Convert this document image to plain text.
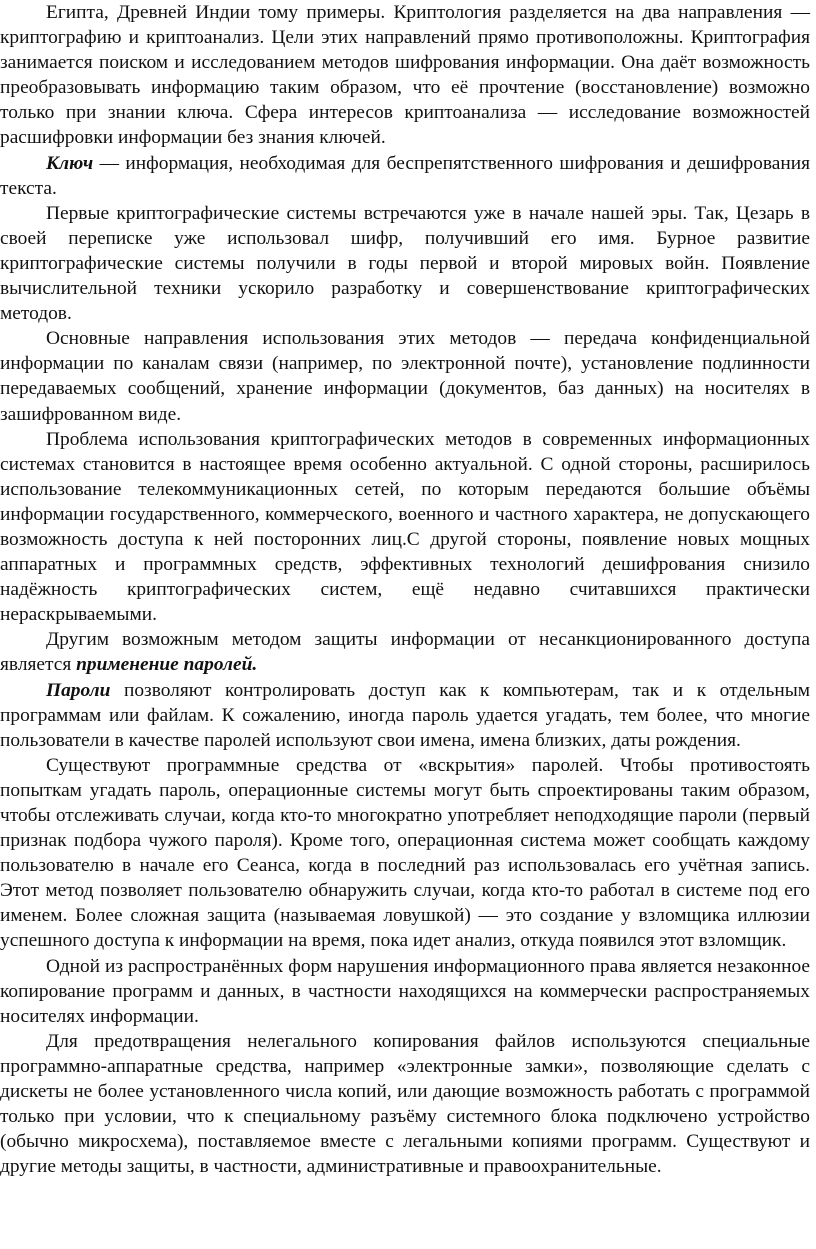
Египта, Древней Индии тому примеры. Криптология разделяется на два направления — криптографию и криптоанализ. Цели этих направлений прямо противоположны. Криптография занимается поиском и исследованием методов шифрования информации. Она даёт возможность преобразовывать информацию таким образом, что её прочтение (восстановление) возможно только при знании ключа. Сфера интересов криптоанализа — исследование возможностей расшифровки информации без знания ключей.

Ключ — информация, необходимая для беспрепятственного шифрования и дешифрования текста.

Первые криптографические системы встречаются уже в начале нашей эры. Так, Цезарь в своей переписке уже использовал шифр, получивший его имя. Бурное развитие криптографические системы получили в годы первой и второй мировых войн. Появление вычислительной техники ускорило разработку и совершенствование криптографических методов.

Основные направления использования этих методов — передача конфиденциальной информации по каналам связи (например, по электронной почте), установление подлинности передаваемых сообщений, хранение информации (документов, баз данных) на носителях в зашифрованном виде.

Проблема использования криптографических методов в современных информационных системах становится в настоящее время особенно актуальной. С одной стороны, расширилось использование телекоммуникационных сетей, по которым передаются большие объёмы информации государственного, коммерческого, военного и частного характера, не допускающего возможность доступа к ней посторонних лиц.С другой стороны, появление новых мощных аппаратных и программных средств, эффективных технологий дешифрования снизило надёжность криптографических систем, ещё недавно считавшихся практически нераскрываемыми.

Другим возможным методом защиты информации от несанкционированного доступа является применение паролей.

Пароли позволяют контролировать доступ как к компьютерам, так и к отдельным программам или файлам. К сожалению, иногда пароль удается угадать, тем более, что многие пользователи в качестве паролей используют свои имена, имена близких, даты рождения.

Существуют программные средства от «вскрытия» паролей. Чтобы противостоять попыткам угадать пароль, операционные системы могут быть спроектированы таким образом, чтобы отслеживать случаи, когда кто-то многократно употребляет неподходящие пароли (первый признак подбора чужого пароля). Кроме того, операционная система может сообщать каждому пользователю в начале его Сеанса, когда в последний раз использовалась его учётная запись. Этот метод позволяет пользователю обнаружить случаи, когда кто-то работал в системе под его именем. Более сложная защита (называемая ловушкой) — это создание у взломщика иллюзии успешного доступа к информации на время, пока идет анализ, откуда появился этот взломщик.

Одной из распространённых форм нарушения информационного права является незаконное копирование программ и данных, в частности находящихся на коммерчески распространяемых носителях информации.

Для предотвращения нелегального копирования файлов используются специальные программно-аппаратные средства, например «электронные замки», позволяющие сделать с дискеты не более установленного числа копий, или дающие возможность работать с программой только при условии, что к специальному разъёму системного блока подключено устройство (обычно микросхема), поставляемое вместе с легальными копиями программ. Существуют и другие методы защиты, в частности, административные и правоохранительные.
